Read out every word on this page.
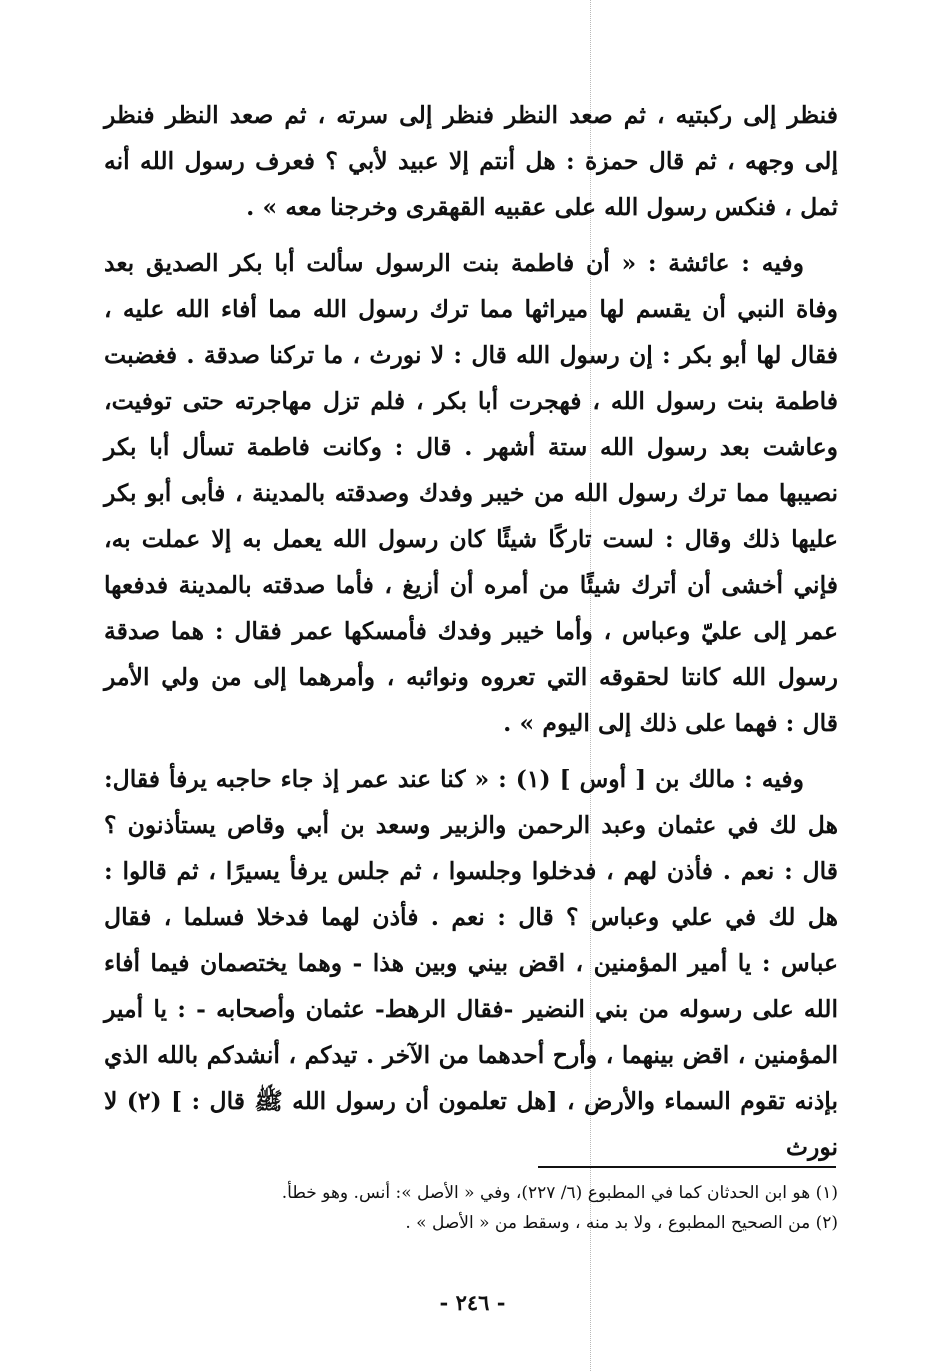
فنظر إلى ركبتيه ، ثم صعد النظر فنظر إلى سرته ، ثم صعد النظر فنظر إلى وجهه ، ثم قال حمزة : هل أنتم إلا عبيد لأبي ؟ فعرف رسول الله أنه ثمل ، فنكس رسول الله على عقبيه القهقرى وخرجنا معه » .

وفيه : عائشة : « أن فاطمة بنت الرسول سألت أبا بكر الصديق بعد وفاة النبي أن يقسم لها ميراثها مما ترك رسول الله مما أفاء الله عليه ، فقال لها أبو بكر : إن رسول الله قال : لا نورث ، ما تركنا صدقة . فغضبت فاطمة بنت رسول الله ، فهجرت أبا بكر ، فلم تزل مهاجرته حتى توفيت، وعاشت بعد رسول الله ستة أشهر . قال : وكانت فاطمة تسأل أبا بكر نصيبها مما ترك رسول الله من خيبر وفدك وصدقته بالمدينة ، فأبى أبو بكر عليها ذلك وقال : لست تاركًا شيئًا كان رسول الله يعمل به إلا عملت به، فإني أخشى أن أترك شيئًا من أمره أن أزيغ ، فأما صدقته بالمدينة فدفعها عمر إلى عليّ وعباس ، وأما خيبر وفدك فأمسكها عمر فقال : هما صدقة رسول الله كانتا لحقوقه التي تعروه ونوائبه ، وأمرهما إلى من ولي الأمر قال : فهما على ذلك إلى اليوم » .

وفيه : مالك بن [ أوس ] (١) : « كنا عند عمر إذ جاء حاجبه يرفأ فقال: هل لك في عثمان وعبد الرحمن والزبير وسعد بن أبي وقاص يستأذنون ؟ قال : نعم . فأذن لهم ، فدخلوا وجلسوا ، ثم جلس يرفأ يسيرًا ، ثم قالوا : هل لك في علي وعباس ؟ قال : نعم . فأذن لهما فدخلا فسلما ، فقال عباس : يا أمير المؤمنين ، اقض بيني وبين هذا - وهما يختصمان فيما أفاء الله على رسوله من بني النضير -فقال الرهط- عثمان وأصحابه - : يا أمير المؤمنين ، اقض بينهما ، وأرح أحدهما من الآخر . تيدكم ، أنشدكم بالله الذي بإذنه تقوم السماء والأرض ، [هل تعلمون أن رسول الله ﷺ قال : ] (٢) لا نورث

(١) هو ابن الحدثان كما في المطبوع (٦/ ٢٢٧)، وفي « الأصل »: أنس. وهو خطأ.

(٢) من الصحيح المطبوع ، ولا بد منه ، وسقط من « الأصل » .

- ٢٤٦ -
